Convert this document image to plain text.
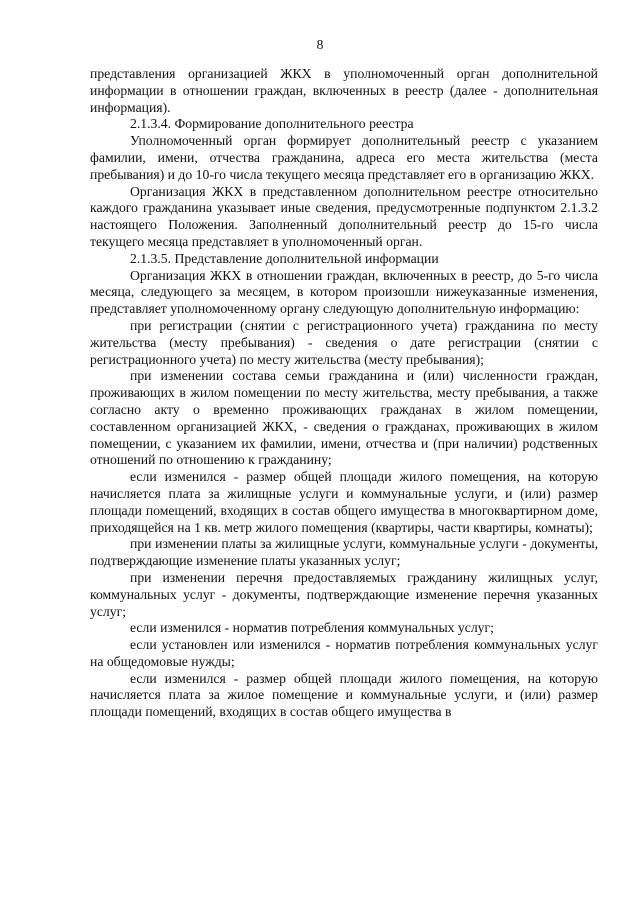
8

представления организацией ЖКХ в уполномоченный орган дополнительной информации в отношении граждан, включенных в реестр (далее - дополнительная информация).

2.1.3.4. Формирование дополнительного реестра

Уполномоченный орган формирует дополнительный реестр с указанием фамилии, имени, отчества гражданина, адреса его места жительства (места пребывания) и до 10-го числа текущего месяца представляет его в организацию ЖКХ.

Организация ЖКХ в представленном дополнительном реестре относительно каждого гражданина указывает иные сведения, предусмотренные подпунктом 2.1.3.2 настоящего Положения. Заполненный дополнительный реестр до 15-го числа текущего месяца представляет в уполномоченный орган.

2.1.3.5. Представление дополнительной информации

Организация ЖКХ в отношении граждан, включенных в реестр, до 5-го числа месяца, следующего за месяцем, в котором произошли нижеуказанные изменения, представляет уполномоченному органу следующую дополнительную информацию:

при регистрации (снятии с регистрационного учета) гражданина по месту жительства (месту пребывания) - сведения о дате регистрации (снятии с регистрационного учета) по месту жительства (месту пребывания);

при изменении состава семьи гражданина и (или) численности граждан, проживающих в жилом помещении по месту жительства, месту пребывания, а также согласно акту о временно проживающих гражданах в жилом помещении, составленном организацией ЖКХ, - сведения о гражданах, проживающих в жилом помещении, с указанием их фамилии, имени, отчества и (при наличии) родственных отношений по отношению к гражданину;

если изменился - размер общей площади жилого помещения, на которую начисляется плата за жилищные услуги и коммунальные услуги, и (или) размер площади помещений, входящих в состав общего имущества в многоквартирном доме, приходящейся на 1 кв. метр жилого помещения (квартиры, части квартиры, комнаты);

при изменении платы за жилищные услуги, коммунальные услуги - документы, подтверждающие изменение платы указанных услуг;

при изменении перечня предоставляемых гражданину жилищных услуг, коммунальных услуг - документы, подтверждающие изменение перечня указанных услуг;

если изменился - норматив потребления коммунальных услуг;

если установлен или изменился - норматив потребления коммунальных услуг на общедомовые нужды;

если изменился - размер общей площади жилого помещения, на которую начисляется плата за жилое помещение и коммунальные услуги, и (или) размер площади помещений, входящих в состав общего имущества в
